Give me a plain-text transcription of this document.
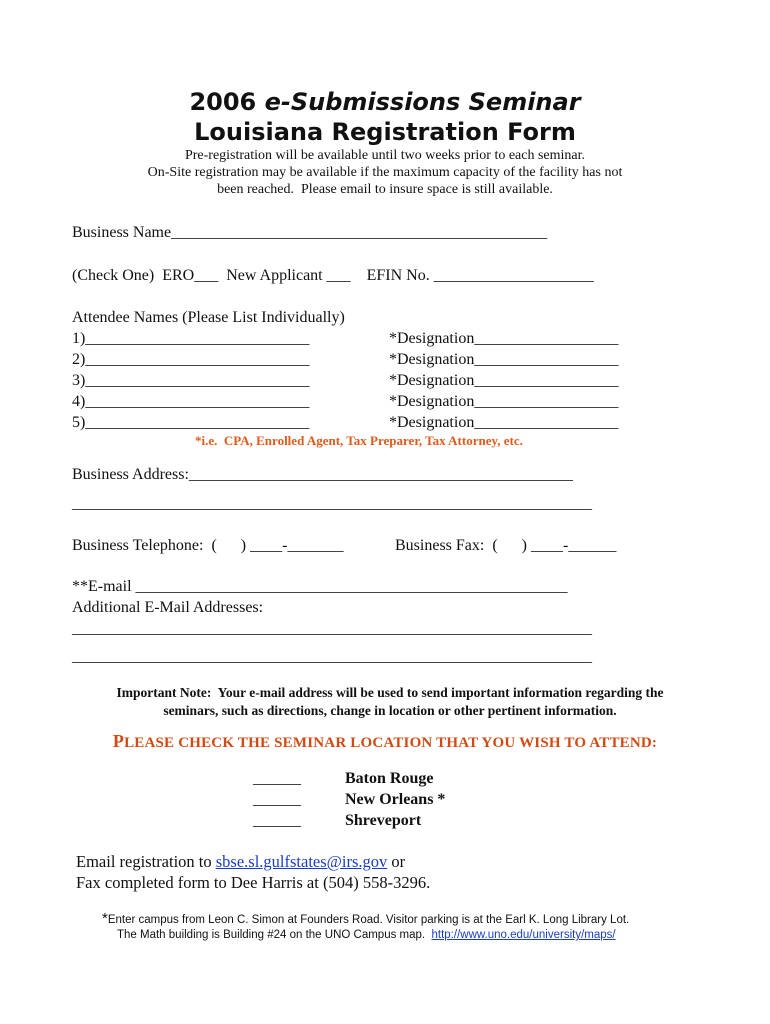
2006 e-Submissions Seminar
Louisiana Registration Form
Pre-registration will be available until two weeks prior to each seminar.
On-Site registration may be available if the maximum capacity of the facility has not
been reached.  Please email to insure space is still available.
Business Name_______________________________________________
(Check One)  ERO___  New Applicant ___    EFIN No. ____________________
Attendee Names (Please List Individually)
1)____________________________	*Designation__________________
2)____________________________	*Designation__________________
3)____________________________	*Designation__________________
4)____________________________	*Designation__________________
5)____________________________	*Designation__________________
*i.e.  CPA, Enrolled Agent, Tax Preparer, Tax Attorney, etc.
Business Address:________________________________________________
_________________________________________________________________
Business Telephone:  (      ) ____-_______	Business Fax:  (      ) ____-______
**E-mail ______________________________________________________
Additional E-Mail Addresses:
_________________________________________________________________
_________________________________________________________________
Important Note:  Your e-mail address will be used to send important information regarding the
seminars, such as directions, change in location or other pertinent information.
PLEASE CHECK THE SEMINAR LOCATION THAT YOU WISH TO ATTEND:
______	Baton Rouge
______	New Orleans *
______	Shreveport
Email registration to sbse.sl.gulfstates@irs.gov or
Fax completed form to Dee Harris at (504) 558-3296.
*Enter campus from Leon C. Simon at Founders Road. Visitor parking is at the Earl K. Long Library Lot.
The Math building is Building #24 on the UNO Campus map.  http://www.uno.edu/university/maps/
